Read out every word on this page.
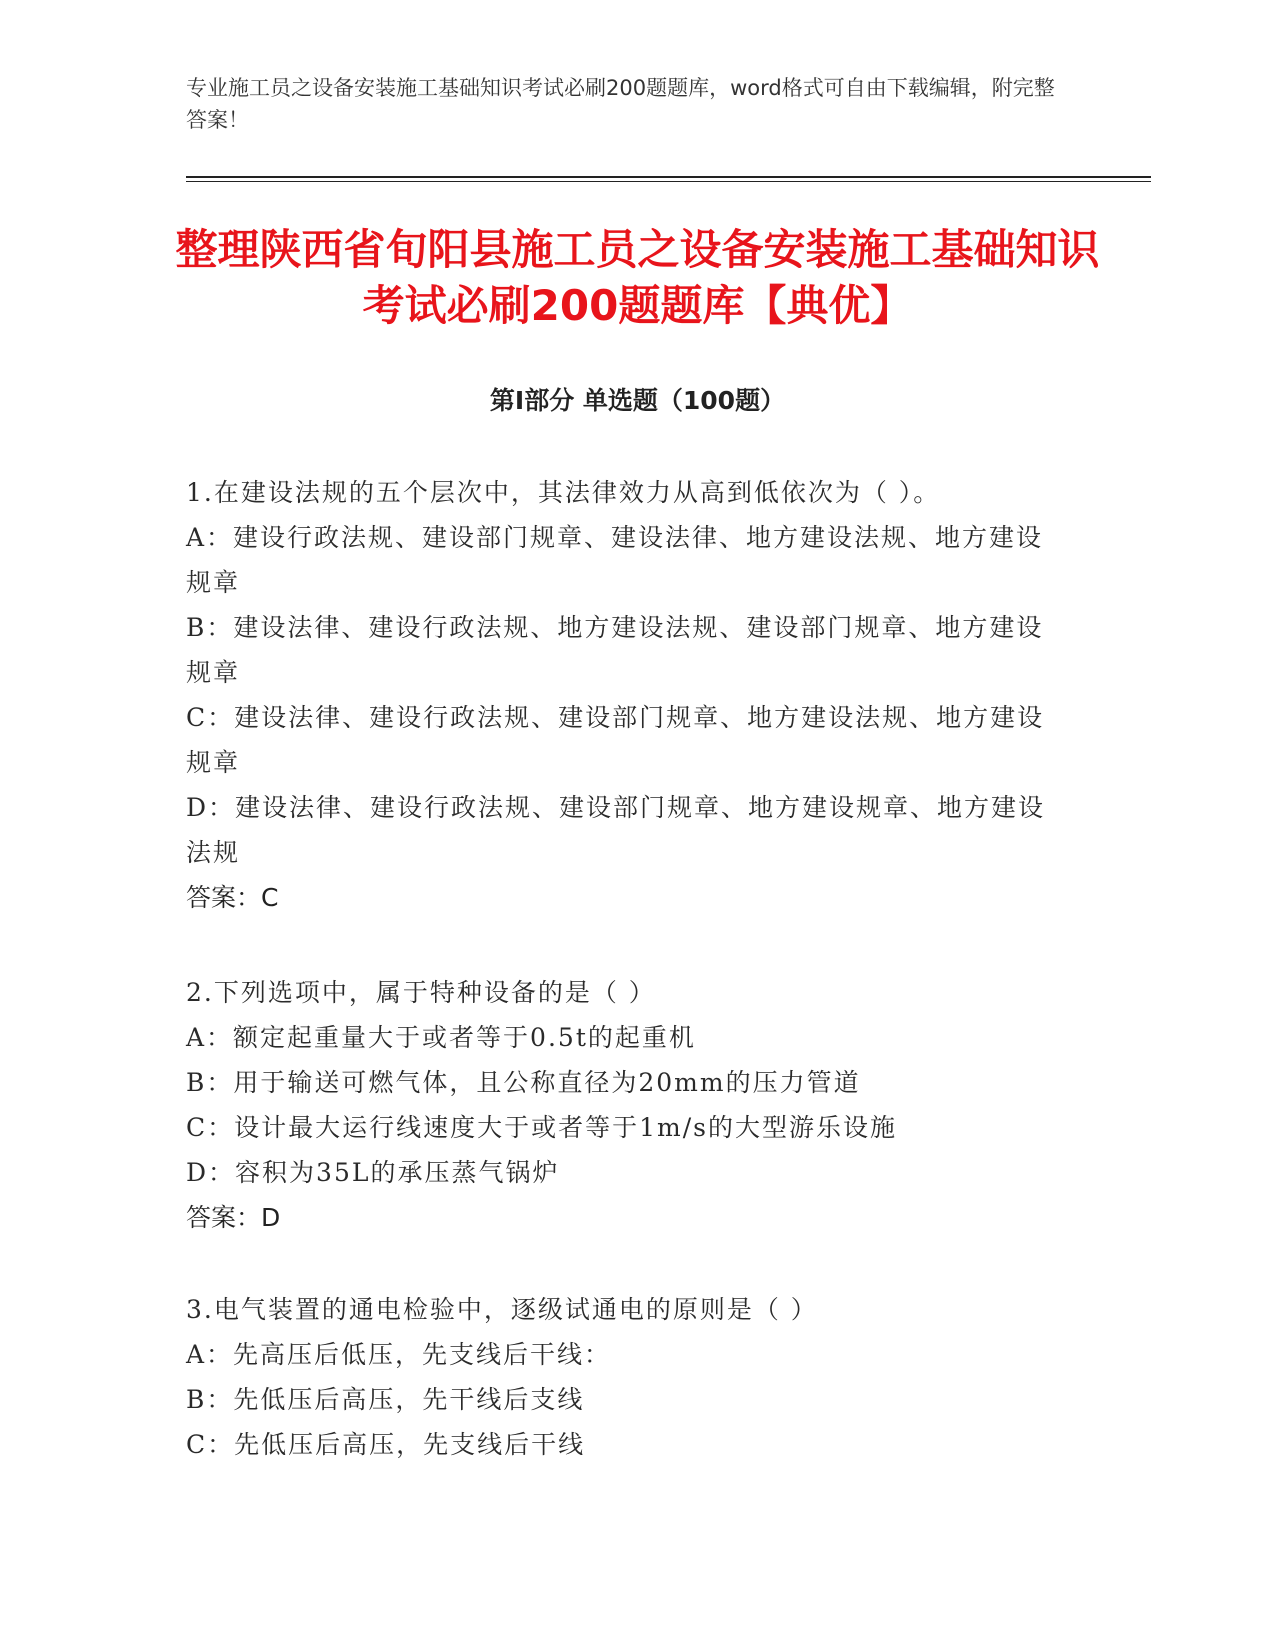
专业施工员之设备安装施工基础知识考试必刷200题题库，word格式可自由下载编辑，附完整答案！
整理陕西省旬阳县施工员之设备安装施工基础知识考试必刷200题题库【典优】
第Ⅰ部分 单选题（100题）

1.在建设法规的五个层次中，其法律效力从高到低依次为（ ）。

A：建设行政法规、建设部门规章、建设法律、地方建设法规、地方建设规章

B：建设法律、建设行政法规、地方建设法规、建设部门规章、地方建设规章

C：建设法律、建设行政法规、建设部门规章、地方建设法规、地方建设规章

D：建设法律、建设行政法规、建设部门规章、地方建设规章、地方建设法规

答案：C

2.下列选项中，属于特种设备的是（ ）

A：额定起重量大于或者等于0.5t的起重机

B：用于输送可燃气体，且公称直径为20mm的压力管道

C：设计最大运行线速度大于或者等于1m/s的大型游乐设施

D：容积为35L的承压蒸气锅炉

答案：D

3.电气装置的通电检验中，逐级试通电的原则是（ ）

A：先高压后低压，先支线后干线：

B：先低压后高压，先干线后支线

C：先低压后高压，先支线后干线
